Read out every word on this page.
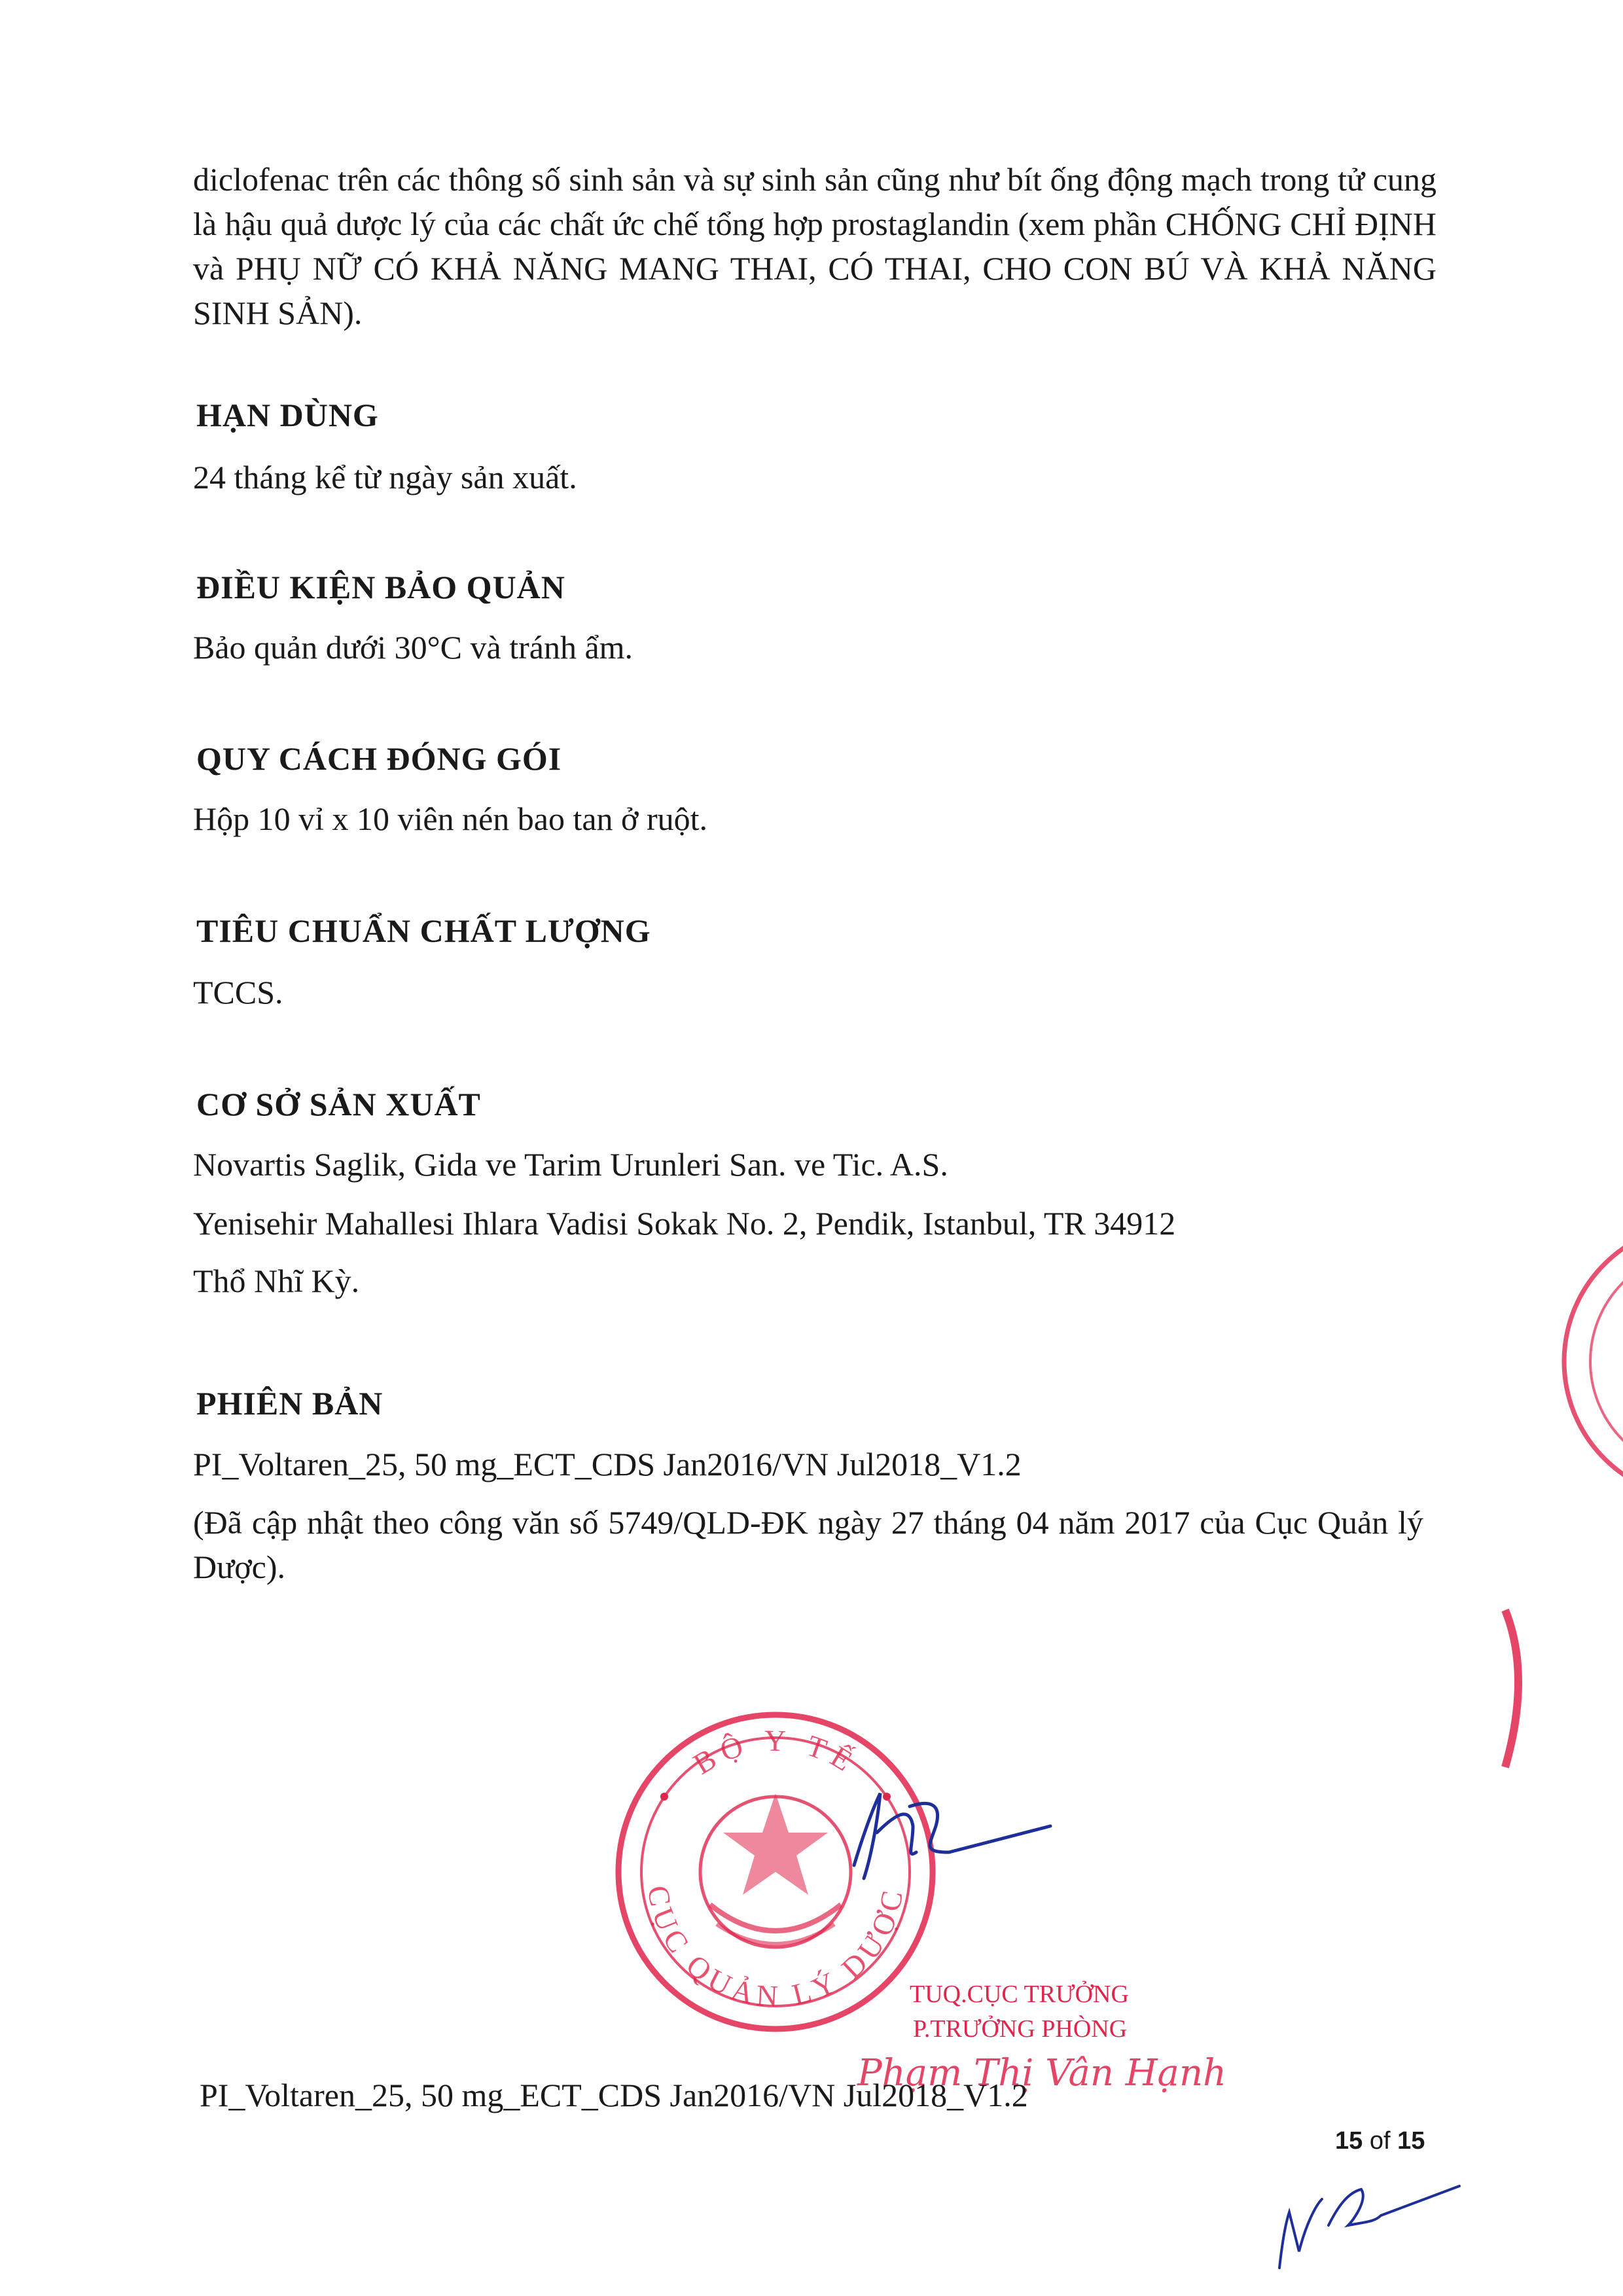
diclofenac trên các thông số sinh sản và sự sinh sản cũng như bít ống động mạch trong tử cung là hậu quả dược lý của các chất ức chế tổng hợp prostaglandin (xem phần CHỐNG CHỈ ĐỊNH và PHỤ NỮ CÓ KHẢ NĂNG MANG THAI, CÓ THAI, CHO CON BÚ VÀ KHẢ NĂNG SINH SẢN).

HẠN DÙNG

24 tháng kể từ ngày sản xuất.

ĐIỀU KIỆN BẢO QUẢN

Bảo quản dưới 30°C và tránh ẩm.

QUY CÁCH ĐÓNG GÓI

Hộp 10 vỉ x 10 viên nén bao tan ở ruột.

TIÊU CHUẨN CHẤT LƯỢNG

TCCS.

CƠ SỞ SẢN XUẤT

Novartis Saglik, Gida ve Tarim Urunleri San. ve Tic. A.S.

Yenisehir Mahallesi Ihlara Vadisi Sokak No. 2, Pendik, Istanbul, TR 34912

Thổ Nhĩ Kỳ.

PHIÊN BẢN

PI_Voltaren_25, 50 mg_ECT_CDS Jan2016/VN Jul2018_V1.2

(Đã cập nhật theo công văn số 5749/QLD-ĐK ngày 27 tháng 04 năm 2017 của Cục Quản lý Dược).

BỘ Y TẾ
CỤC QUẢN LÝ DƯỢC
TUQ.CỤC TRƯỞNG
P.TRƯỞNG PHÒNG
Phạm Thị Vân Hạnh
PI_Voltaren_25, 50 mg_ECT_CDS Jan2016/VN Jul2018_V1.2
15 of 15
